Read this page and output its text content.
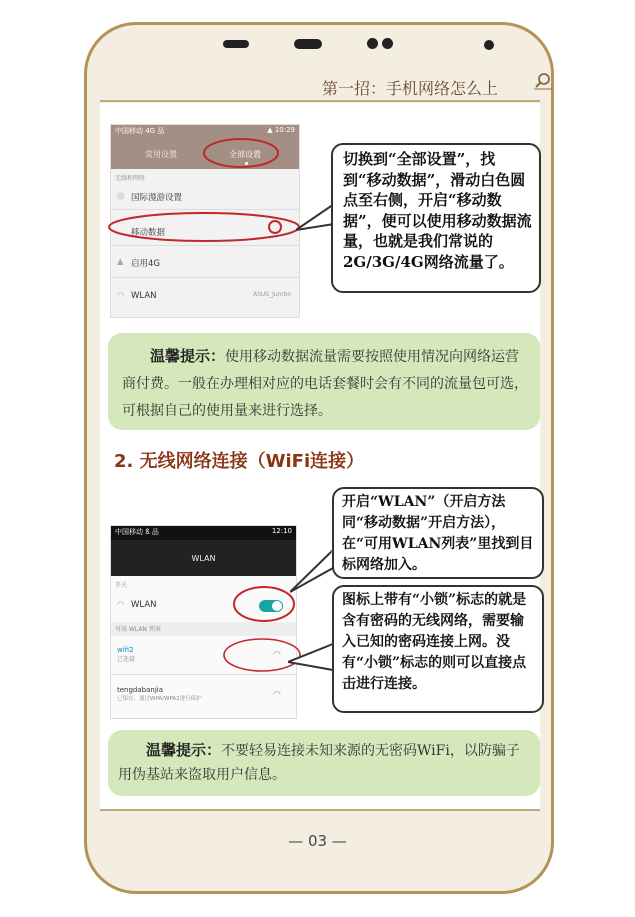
第一招：手机网络怎么上
中国移动 4G 品	▲ 10:29
常用设置	全部设置
无线和网络
◎ 国际漫游设置
移动数据
▲ 启用4G
◠ WLAN	ASUS_Jumbo
切换到“全部设置”，找到“移动数据”，滑动白色圆点至右侧，开启“移动数据”，便可以使用移动数据流量，也就是我们常说的2G/3G/4G网络流量了。
温馨提示：使用移动数据流量需要按照使用情况向网络运营商付费。一般在办理相对应的电话套餐时会有不同的流量包可选，可根据自己的使用量来进行选择。
2. 无线网络连接（WiFi连接）
中国移动 ß 品	12:10
WLAN
开关
◠ WLAN
可用 WLAN 列表
wifi2
已连接	◠
tengdabanjia
已保存，通过WPA/WPA2进行保护	◠
开启“WLAN”（开启方法同“移动数据”开启方法），在“可用WLAN列表”里找到目标网络加入。
图标上带有“小锁”标志的就是含有密码的无线网络，需要输入已知的密码连接上网。没有“小锁”标志的则可以直接点击进行连接。
温馨提示：不要轻易连接未知来源的无密码WiFi，以防骗子用伪基站来盗取用户信息。
— 03 —
